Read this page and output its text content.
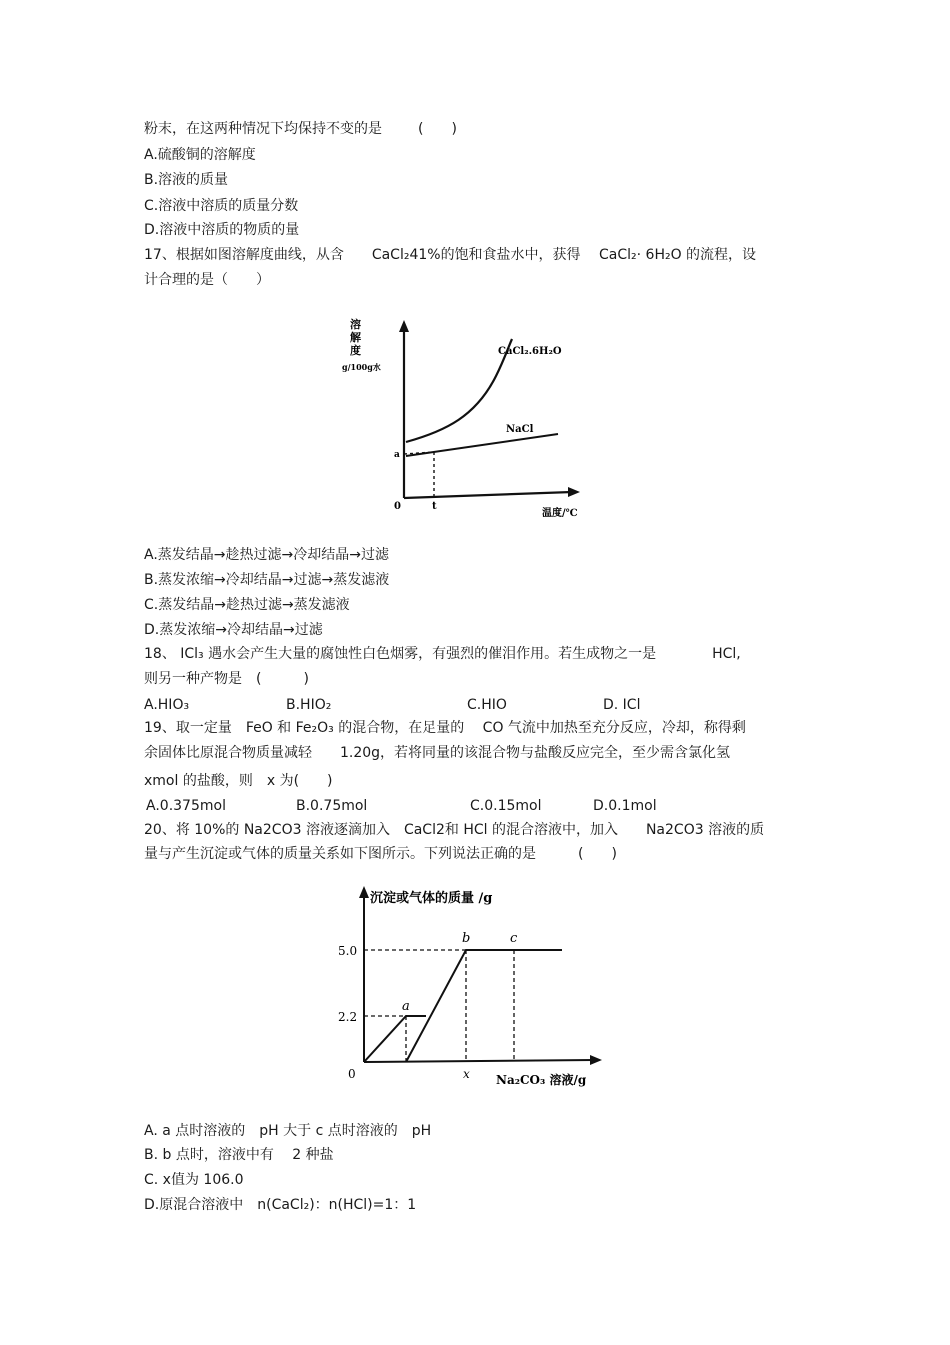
粉末，在这两种情况下均保持不变的是	(　　)
A.硫酸铜的溶解度
B.溶液的质量
C.溶液中溶质的质量分数
D.溶液中溶质的物质的量
17、根据如图溶解度曲线，从含　　CaCl₂41%的饱和食盐水中，获得　 CaCl₂· 6H₂O 的流程，设
计合理的是（　　）
溶
解
度
g/100g水
CaCl₂.6H₂O
NaCl
a
0	t
温度/℃
A.蒸发结晶→趁热过滤→冷却结晶→过滤
B.蒸发浓缩→冷却结晶→过滤→蒸发滤液
C.蒸发结晶→趁热过滤→蒸发滤液
D.蒸发浓缩→冷却结晶→过滤
18、 ICl₃ 遇水会产生大量的腐蚀性白色烟雾，有强烈的催泪作用。若生成物之一是　　　　HCl,
则另一种产物是　(　　　)
A.HIO₃	B.HIO₂	C.HIO	D. ICl
19、取一定量　FeO 和 Fe₂O₃ 的混合物，在足量的　 CO 气流中加热至充分反应，冷却，称得剩
余固体比原混合物质量减轻　　1.20g，若将同量的该混合物与盐酸反应完全，至少需含氯化氢
xmol 的盐酸，则　x 为(　　)
A.0.375mol	B.0.75mol	C.0.15mol	D.0.1mol
20、将 10%的 Na2CO3 溶液逐滴加入　CaCl2和 HCl 的混合溶液中，加入　　Na2CO3 溶液的质
量与产生沉淀或气体的质量关系如下图所示。下列说法正确的是　　　(　　)
沉淀或气体的质量 /g
5.0
2.2
0
a
b	c
x Na₂CO₃ 溶液/g
A. a 点时溶液的　pH 大于 c 点时溶液的　pH
B. b 点时，溶液中有　 2 种盐
C. x值为 106.0
D.原混合溶液中　n(CaCl₂)：n(HCl)=1：1
